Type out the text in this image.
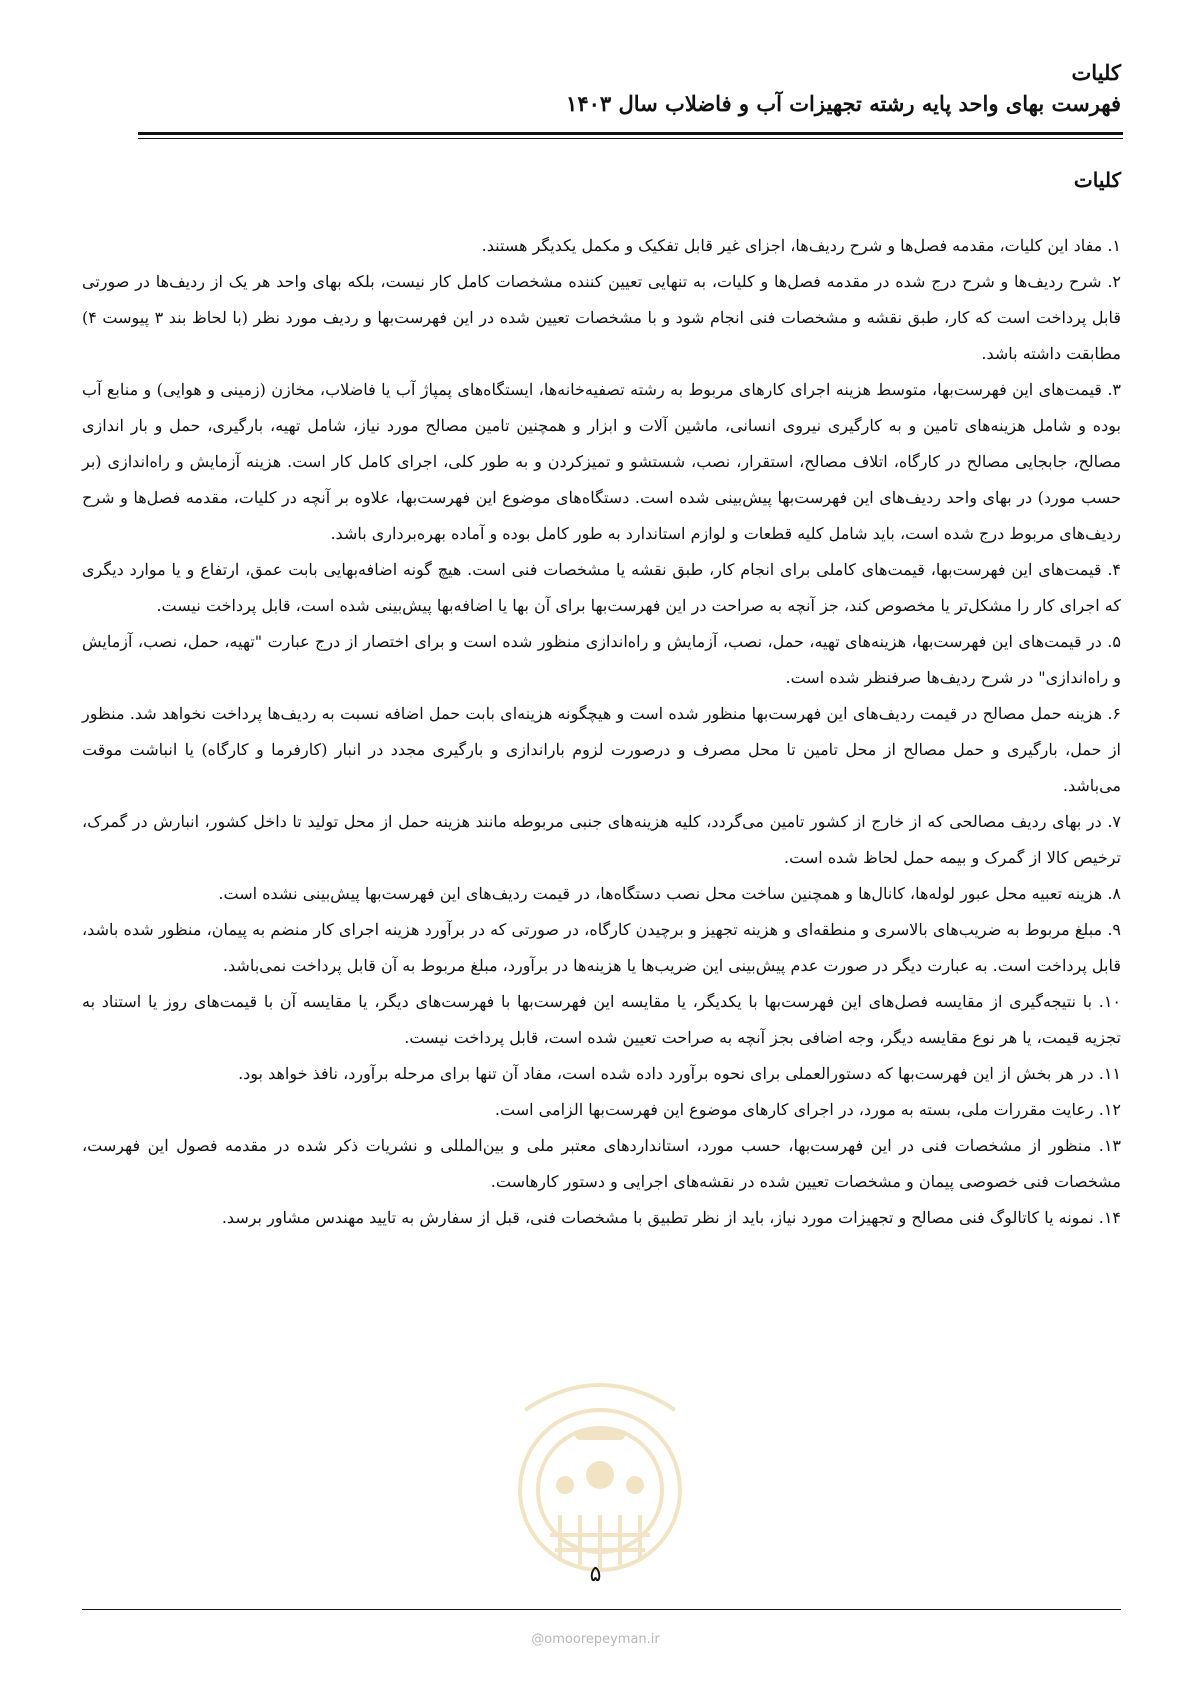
کلیات
فهرست بهای واحد پایه رشته تجهیزات آب و فاضلاب سال ۱۴۰۳
کلیات

۱. مفاد این کلیات، مقدمه فصل‌ها و شرح ردیف‌ها، اجزای غیر قابل تفکیک و مکمل یکدیگر هستند.

۲. شرح ردیف‌ها و شرح درج شده در مقدمه فصل‌ها و کلیات، به تنهایی تعیین کننده مشخصات کامل کار نیست، بلکه بهای واحد هر یک از ردیف‌ها در صورتی قابل پرداخت است که کار، طبق نقشه و مشخصات فنی انجام شود و با مشخصات تعیین شده در این فهرست‌بها و ردیف مورد نظر (با لحاظ بند ۳ پیوست ۴) مطابقت داشته باشد.

۳. قیمت‌های این فهرست‌بها، متوسط هزینه اجرای کارهای مربوط به رشته تصفیه‌خانه‌ها، ایستگاه‌های پمپاژ آب یا فاضلاب، مخازن (زمینی و هوایی) و منابع آب بوده و شامل هزینه‌های تامین و به کارگیری نیروی انسانی، ماشین آلات و ابزار و همچنین تامین مصالح مورد نیاز، شامل تهیه، بارگیری، حمل و بار اندازی مصالح، جابجایی مصالح در کارگاه، اتلاف مصالح، استقرار، نصب، شستشو و تمیزکردن و به طور کلی، اجرای کامل کار است. هزینه آزمایش و راه‌اندازی (بر حسب مورد) در بهای واحد ردیف‌های این فهرست‌بها پیش‌بینی شده است. دستگاه‌های موضوع این فهرست‌بها، علاوه بر آنچه در کلیات، مقدمه فصل‌ها و شرح ردیف‌های مربوط درج شده است، باید شامل کلیه قطعات و لوازم استاندارد به طور کامل بوده و آماده بهره‌برداری باشد.

۴. قیمت‌های این فهرست‌بها، قیمت‌های کاملی برای انجام کار، طبق نقشه یا مشخصات فنی است. هیچ گونه اضافه‌بهایی بابت عمق، ارتفاع و یا موارد دیگری که اجرای کار را مشکل‌تر یا مخصوص کند، جز آنچه به صراحت در این فهرست‌بها برای آن بها یا اضافه‌بها پیش‌بینی شده است، قابل پرداخت نیست.

۵. در قیمت‌های این فهرست‌بها، هزینه‌های تهیه، حمل، نصب، آزمایش و راه‌اندازی منظور شده است و برای اختصار از درج عبارت "تهیه، حمل، نصب، آزمایش و راه‌اندازی" در شرح ردیف‌ها صرفنظر شده است.

۶. هزینه حمل مصالح در قیمت ردیف‌های این فهرست‌بها منظور شده است و هیچگونه هزینه‌ای بابت حمل اضافه نسبت به ردیف‌ها پرداخت نخواهد شد. منظور از حمل، بارگیری و حمل مصالح از محل تامین تا محل مصرف و درصورت لزوم باراندازی و بارگیری مجدد در انبار (کارفرما و کارگاه) یا انباشت موقت می‌باشد.

۷. در بهای ردیف مصالحی که از خارج از کشور تامین می‌گردد، کلیه هزینه‌های جنبی مربوطه مانند هزینه حمل از محل تولید تا داخل کشور، انبارش در گمرک، ترخیص کالا از گمرک و بیمه حمل لحاظ شده است.

۸. هزینه تعبیه محل عبور لوله‌ها، کانال‌ها و همچنین ساخت محل نصب دستگاه‌ها، در قیمت ردیف‌های این فهرست‌بها پیش‌بینی نشده است.

۹. مبلغ مربوط به ضریب‌های بالاسری و منطقه‌ای و هزینه تجهیز و برچیدن کارگاه، در صورتی که در برآورد هزینه اجرای کار منضم به پیمان، منظور شده باشد، قابل پرداخت است. به عبارت دیگر در صورت عدم پیش‌بینی این ضریب‌ها یا هزینه‌ها در برآورد، مبلغ مربوط به آن قابل پرداخت نمی‌باشد.

۱۰. با نتیجه‌گیری از مقایسه فصل‌های این فهرست‌بها با یکدیگر، یا مقایسه این فهرست‌بها با فهرست‌های دیگر، یا مقایسه آن با قیمت‌های روز یا استناد به تجزیه قیمت، یا هر نوع مقایسه دیگر، وجه اضافی بجز آنچه به صراحت تعیین شده است، قابل پرداخت نیست.

۱۱. در هر بخش از این فهرست‌بها که دستورالعملی برای نحوه برآورد داده شده است، مفاد آن تنها برای مرحله برآورد، نافذ خواهد بود.

۱۲. رعایت مقررات ملی، بسته به مورد، در اجرای کارهای موضوع این فهرست‌بها الزامی است.

۱۳. منظور از مشخصات فنی در این فهرست‌بها، حسب مورد، استانداردهای معتبر ملی و بین‌المللی و نشریات ذکر شده در مقدمه فصول این فهرست، مشخصات فنی خصوصی پیمان و مشخصات تعیین شده در نقشه‌های اجرایی و دستور کارهاست.

۱۴. نمونه یا کاتالوگ فنی مصالح و تجهیزات مورد نیاز، باید از نظر تطبیق با مشخصات فنی، قبل از سفارش به تایید مهندس مشاور برسد.

۵
@omoorepeyman.ir
